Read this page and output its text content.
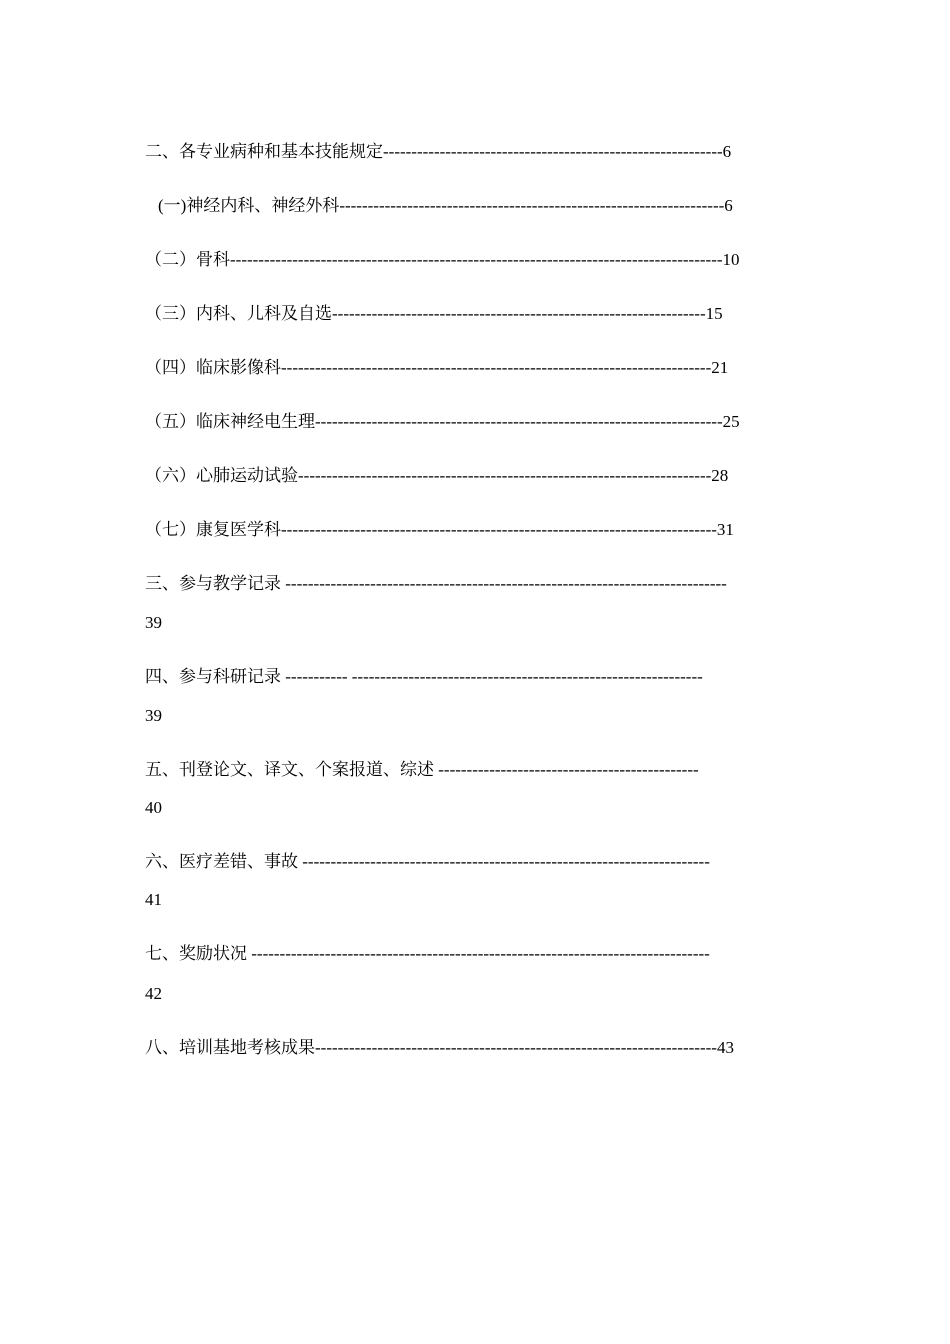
二、各专业病种和基本技能规定------------------------------------------------------------6
(一)神经内科、神经外科--------------------------------------------------------------------6
（二）骨科---------------------------------------------------------------------------------------10
（三）内科、儿科及自选------------------------------------------------------------------15
（四）临床影像科----------------------------------------------------------------------------21
（五）临床神经电生理------------------------------------------------------------------------25
（六）心肺运动试验-------------------------------------------------------------------------28
（七）康复医学科-----------------------------------------------------------------------------31
三、参与教学记录 ------------------------------------------------------------------------------
39
四、参与科研记录 ----------- --------------------------------------------------------------
39
五、刊登论文、译文、个案报道、综述 ----------------------------------------------
40
六、医疗差错、事故 ------------------------------------------------------------------------
41
七、奖励状况 ---------------------------------------------------------------------------------
42
八、培训基地考核成果-----------------------------------------------------------------------43
